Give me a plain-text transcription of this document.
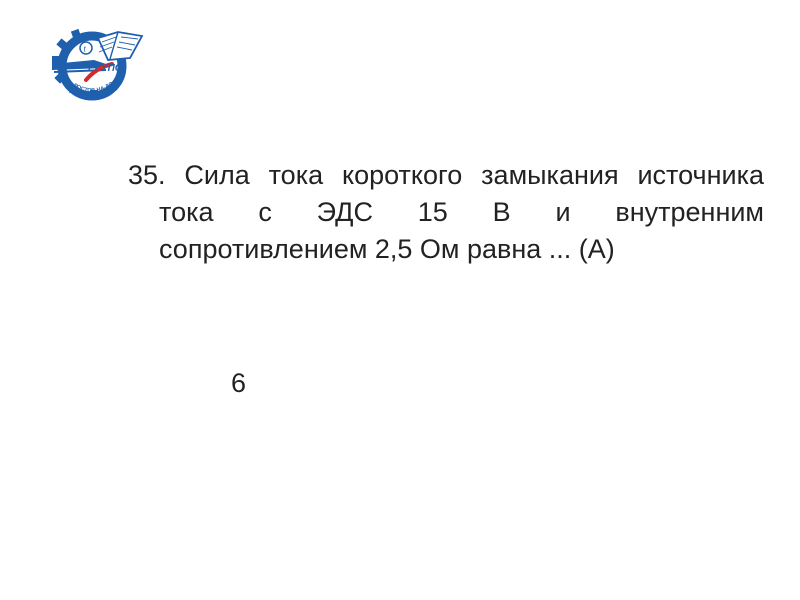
t
РГУПС
РОСТОВ-НА-ДО
35. Сила тока короткого замыкания источника
тока с ЭДС 15 В и внутренним
сопротивлением 2,5 Ом равна ... (А)
6
